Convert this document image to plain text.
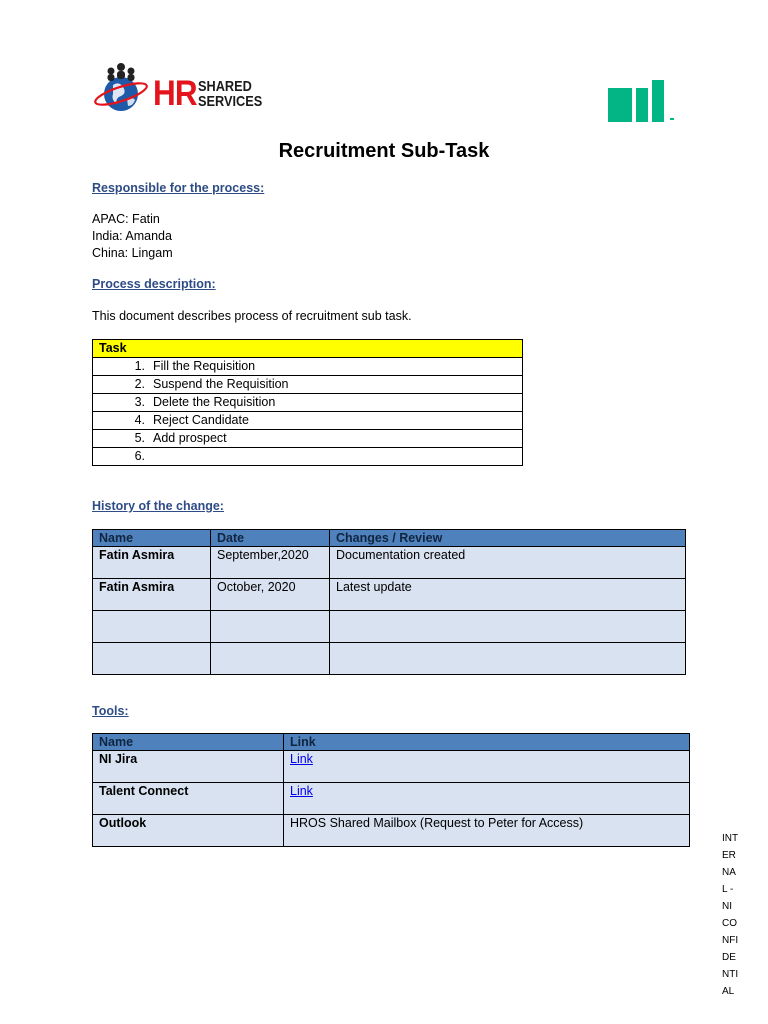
HR SHARED
SERVICES
Recruitment Sub-Task
Responsible for the process:
APAC: Fatin
India: Amanda
China: Lingam
Process description:
This document describes process of recruitment sub task.
Task
1. Fill the Requisition
2. Suspend the Requisition
3. Delete the Requisition
4. Reject Candidate
5. Add prospect
6.
History of the change:
Name	Date	Changes / Review
Fatin Asmira	September,2020	Documentation created
Fatin Asmira	October, 2020	Latest update

Tools:
Name	Link
NI Jira	Link
Talent Connect	Link
Outlook	HROS Shared Mailbox (Request to Peter for Access)
INT
ER
NA
L -
NI
CO
NFI
DE
NTI
AL
